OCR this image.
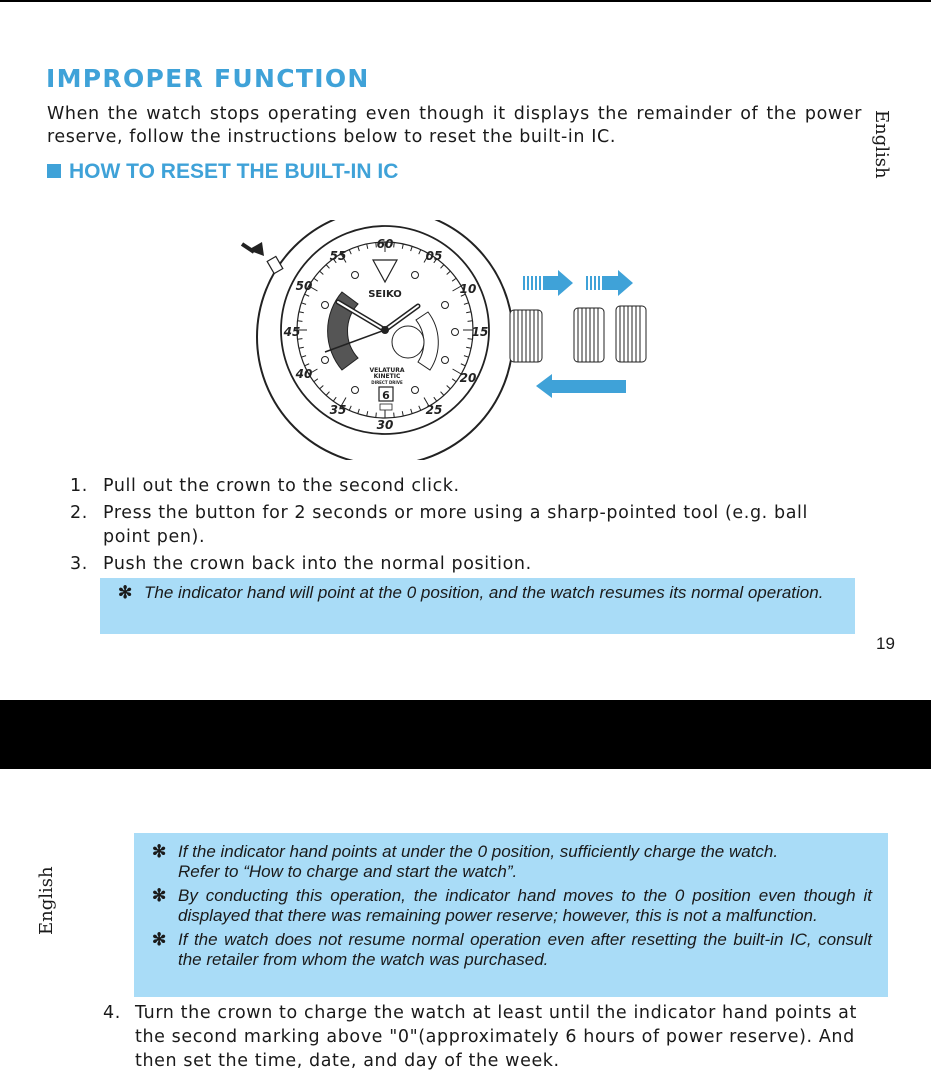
IMPROPER FUNCTION
When the watch stops operating even though it displays the remainder of the power reserve, follow the instructions below to reset the built-in IC.
HOW TO RESET THE BUILT-IN IC	English
60
05
10
15
20
25
30
35
40
45
50
55
SEIKO
VELATURA
KINETIC
DIRECT DRIVE
6
1. Pull out the crown to the second click.
2. Press the button for 2 seconds or more using a sharp-pointed tool (e.g. ball point pen).
3. Push the crown back into the normal position.
✻ The indicator hand will point at the 0 position, and the watch resumes its normal operation.
19
English
✻ If the indicator hand points at under the 0 position, sufficiently charge the watch.
Refer to “How to charge and start the watch”.
✻ By conducting this operation, the indicator hand moves to the 0 position even though it displayed that there was remaining power reserve; however, this is not a malfunction.
✻ If the watch does not resume normal operation even after resetting the built-in IC, consult the retailer from whom the watch was purchased.
4. Turn the crown to charge the watch at least until the indicator hand points at the second marking above "0"(approximately 6 hours of power reserve). And then set the time, date, and day of the week.
